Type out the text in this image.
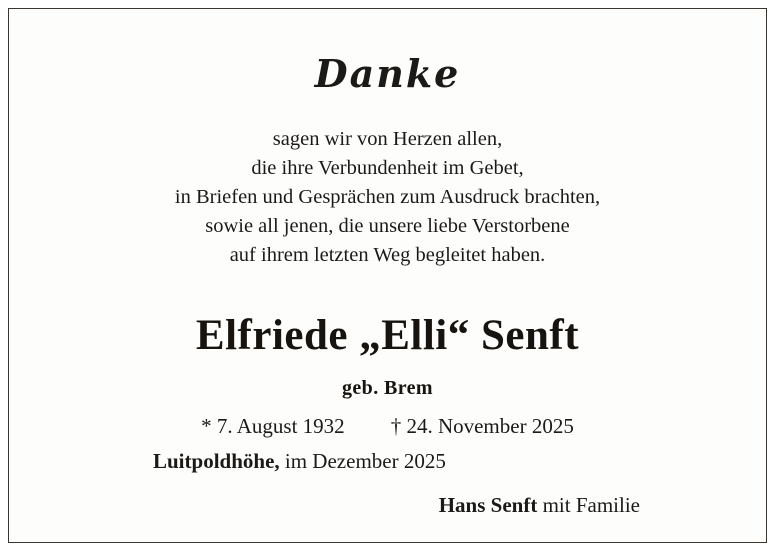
Danke
sagen wir von Herzen allen,
die ihre Verbundenheit im Gebet,
in Briefen und Gesprächen zum Ausdruck brachten,
sowie all jenen, die unsere liebe Verstorbene
auf ihrem letzten Weg begleitet haben.
Elfriede „Elli“ Senft
geb. Brem
* 7. August 1932 † 24. November 2025
Luitpoldhöhe, im Dezember 2025
Hans Senft mit Familie
